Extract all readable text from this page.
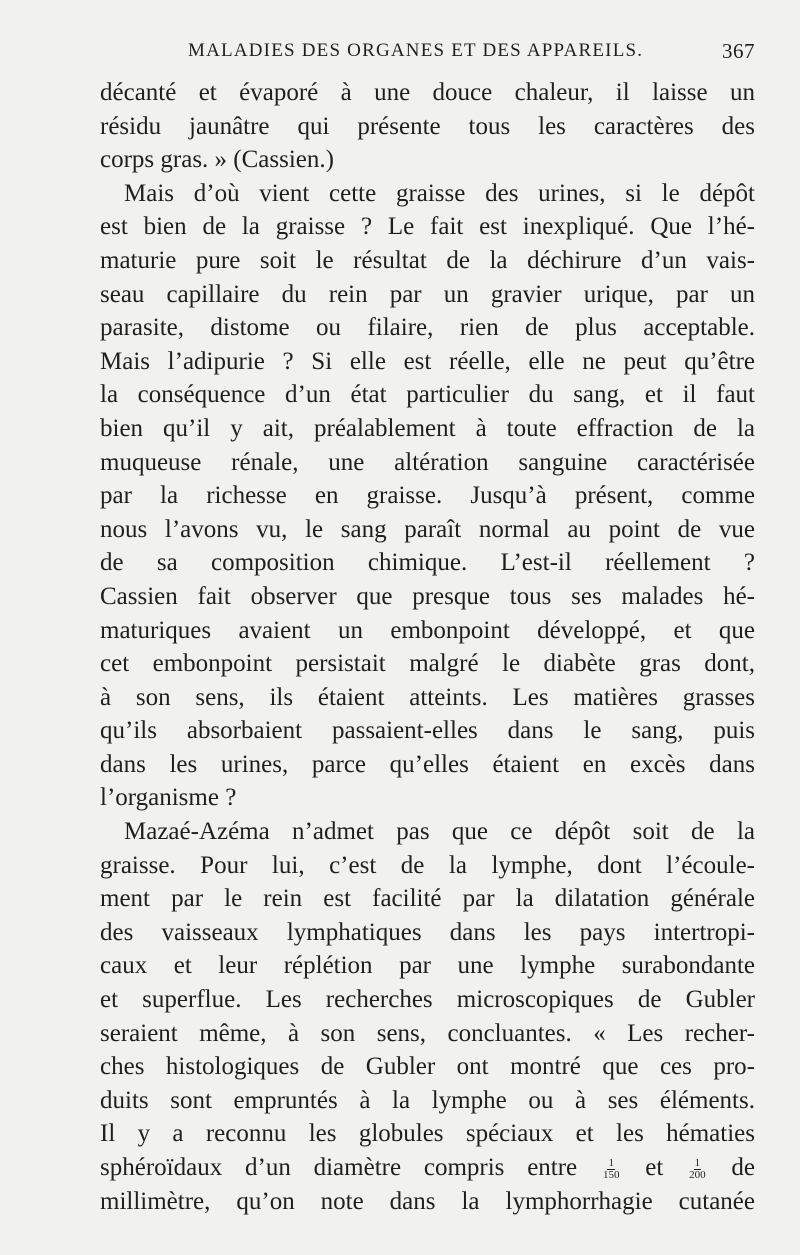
MALADIES DES ORGANES ET DES APPAREILS.	367
décanté et évaporé à une douce chaleur, il laisse un
résidu jaunâtre qui présente tous les caractères des
corps gras. » (Cassien.)
Mais d’où vient cette graisse des urines, si le dépôt
est bien de la graisse ? Le fait est inexpliqué. Que l’hé-
maturie pure soit le résultat de la déchirure d’un vais-
seau capillaire du rein par un gravier urique, par un
parasite, distome ou filaire, rien de plus acceptable.
Mais l’adipurie ? Si elle est réelle, elle ne peut qu’être
la conséquence d’un état particulier du sang, et il faut
bien qu’il y ait, préalablement à toute effraction de la
muqueuse rénale, une altération sanguine caractérisée
par la richesse en graisse. Jusqu’à présent, comme
nous l’avons vu, le sang paraît normal au point de vue
de sa composition chimique. L’est-il réellement ?
Cassien fait observer que presque tous ses malades hé-
maturiques avaient un embonpoint développé, et que
cet embonpoint persistait malgré le diabète gras dont,
à son sens, ils étaient atteints. Les matières grasses
qu’ils absorbaient passaient-elles dans le sang, puis
dans les urines, parce qu’elles étaient en excès dans
l’organisme ?
Mazaé-Azéma n’admet pas que ce dépôt soit de la
graisse. Pour lui, c’est de la lymphe, dont l’écoule-
ment par le rein est facilité par la dilatation générale
des vaisseaux lymphatiques dans les pays intertropi-
caux et leur réplétion par une lymphe surabondante
et superflue. Les recherches microscopiques de Gubler
seraient même, à son sens, concluantes. « Les recher-
ches histologiques de Gubler ont montré que ces pro-
duits sont empruntés à la lymphe ou à ses éléments.
Il y a reconnu les globules spéciaux et les hématies
sphéroïdaux d’un diamètre compris entre $\frac{1}{150}$ et $\frac{1}{200}$ de
millimètre, qu’on note dans la lymphorrhagie cutanée
